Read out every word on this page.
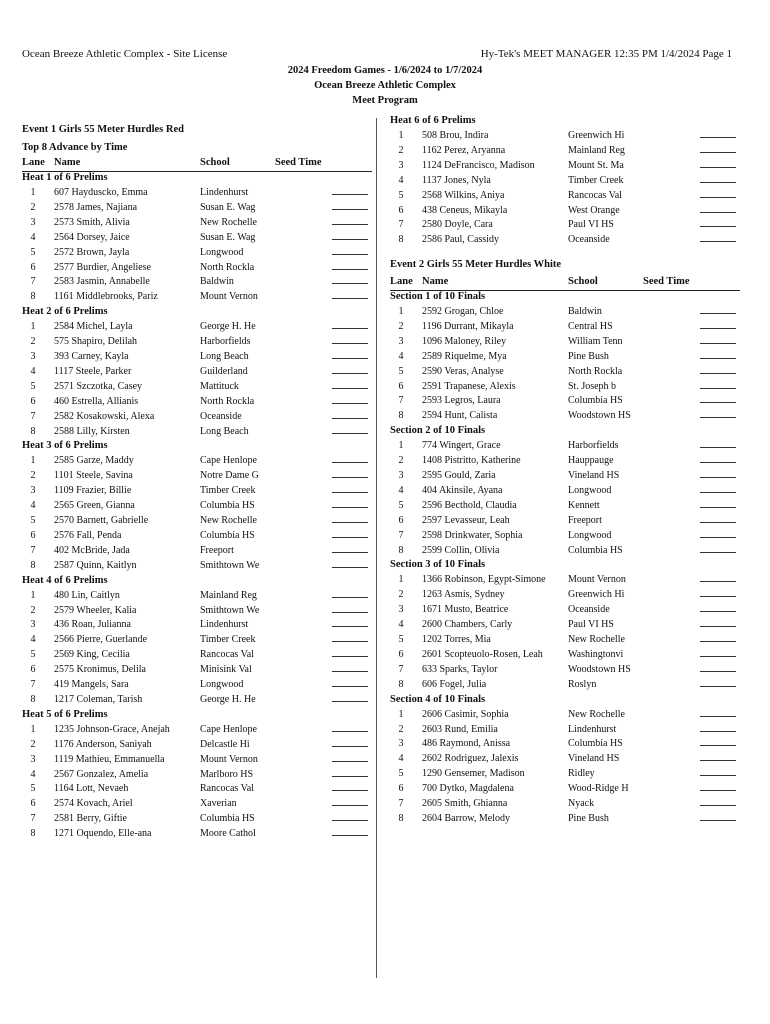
Ocean Breeze Athletic Complex - Site License	Hy-Tek's MEET MANAGER 12:35 PM 1/4/2024 Page 1
2024 Freedom Games - 1/6/2024 to 1/7/2024
Ocean Breeze Athletic Complex
Meet Program
Event 1 Girls 55 Meter Hurdles Red
Top 8 Advance by Time
Lane Name	School	Seed Time
Heat 1 of 6 Prelims
1	607 Hayduscko, Emma	Lindenhurst
2	2578 James, Najiana	Susan E. Wag
3	2573 Smith, Alivia	New Rochelle
4	2564 Dorsey, Jaice	Susan E. Wag
5	2572 Brown, Jayla	Longwood
6	2577 Burdier, Angeliese	North Rockla
7	2583 Jasmin, Annabelle	Baldwin
8	1161 Middlebrooks, Pariz	Mount Vernon
Heat 2 of 6 Prelims
1	2584 Michel, Layla	George H. He
2	575 Shapiro, Delilah	Harborfields
3	393 Carney, Kayla	Long Beach
4	1117 Steele, Parker	Guilderland
5	2571 Szczotka, Casey	Mattituck
6	460 Estrella, Allianis	North Rockla
7	2582 Kosakowski, Alexa	Oceanside
8	2588 Lilly, Kirsten	Long Beach
Heat 3 of 6 Prelims
1	2585 Garze, Maddy	Cape Henlope
2	1101 Steele, Savina	Notre Dame G
3	1109 Frazier, Billie	Timber Creek
4	2565 Green, Gianna	Columbia HS
5	2570 Barnett, Gabrielle	New Rochelle
6	2576 Fall, Penda	Columbia HS
7	402 McBride, Jada	Freeport
8	2587 Quinn, Kaitlyn	Smithtown We
Heat 4 of 6 Prelims
1	480 Lin, Caitlyn	Mainland Reg
2	2579 Wheeler, Kalia	Smithtown We
3	436 Roan, Julianna	Lindenhurst
4	2566 Pierre, Guerlande	Timber Creek
5	2569 King, Cecilia	Rancocas Val
6	2575 Kronimus, Delila	Minisink Val
7	419 Mangels, Sara	Longwood
8	1217 Coleman, Tarish	George H. He
Heat 5 of 6 Prelims
1	1235 Johnson-Grace, Anejah	Cape Henlope
2	1176 Anderson, Saniyah	Delcastle Hi
3	1119 Mathieu, Emmanuella	Mount Vernon
4	2567 Gonzalez, Amelia	Marlboro HS
5	1164 Lott, Nevaeh	Rancocas Val
6	2574 Kovach, Ariel	Xaverian
7	2581 Berry, Giftie	Columbia HS
8	1271 Oquendo, Elle-ana	Moore Cathol
Heat 6 of 6 Prelims
1	508 Brou, Indira	Greenwich Hi
2	1162 Perez, Aryanna	Mainland Reg
3	1124 DeFrancisco, Madison	Mount St. Ma
4	1137 Jones, Nyla	Timber Creek
5	2568 Wilkins, Aniya	Rancocas Val
6	438 Ceneus, Mikayla	West Orange
7	2580 Doyle, Cara	Paul VI HS
8	2586 Paul, Cassidy	Oceanside
Event 2 Girls 55 Meter Hurdles White
Lane Name	School	Seed Time
Section 1 of 10 Finals
1	2592 Grogan, Chloe	Baldwin
2	1196 Durrant, Mikayla	Central HS
3	1096 Maloney, Riley	William Tenn
4	2589 Riquelme, Mya	Pine Bush
5	2590 Veras, Analyse	North Rockla
6	2591 Trapanese, Alexis	St. Joseph b
7	2593 Legros, Laura	Columbia HS
8	2594 Hunt, Calista	Woodstown HS
Section 2 of 10 Finals
1	774 Wingert, Grace	Harborfields
2	1408 Pistritto, Katherine	Hauppauge
3	2595 Gould, Zaria	Vineland HS
4	404 Akinsile, Ayana	Longwood
5	2596 Becthold, Claudia	Kennett
6	2597 Levasseur, Leah	Freeport
7	2598 Drinkwater, Sophia	Longwood
8	2599 Collin, Olivia	Columbia HS
Section 3 of 10 Finals
1	1366 Robinson, Egypt-Simone	Mount Vernon
2	1263 Asmis, Sydney	Greenwich Hi
3	1671 Musto, Beatrice	Oceanside
4	2600 Chambers, Carly	Paul VI HS
5	1202 Torres, Mia	New Rochelle
6	2601 Scopteuolo-Rosen, Leah	Washingtonvi
7	633 Sparks, Taylor	Woodstown HS
8	606 Fogel, Julia	Roslyn
Section 4 of 10 Finals
1	2606 Casimir, Sophia	New Rochelle
2	2603 Rund, Emilia	Lindenhurst
3	486 Raymond, Anissa	Columbia HS
4	2602 Rodriguez, Jalexis	Vineland HS
5	1290 Gensemer, Madison	Ridley
6	700 Dytko, Magdalena	Wood-Ridge H
7	2605 Smith, Ghianna	Nyack
8	2604 Barrow, Melody	Pine Bush
